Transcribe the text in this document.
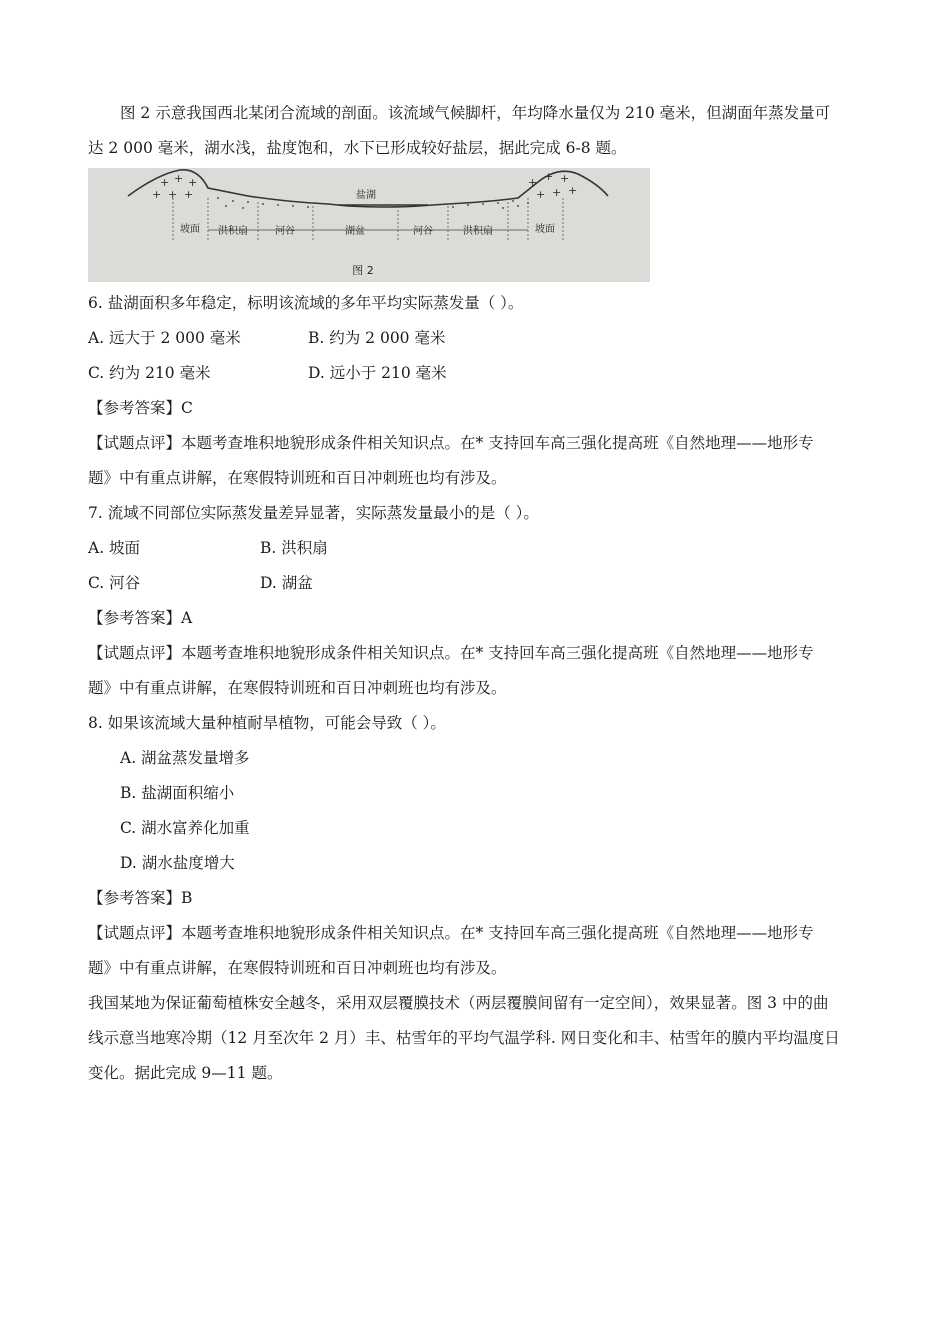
图 2 示意我国西北某闭合流域的剖面。该流域气候脚杆，年均降水量仅为 210 毫米，但湖面年蒸发量可
达 2 000 毫米，湖水浅，盐度饱和，水下已形成较好盐层，据此完成 6-8 题。
+ + +
+ + +
+ + +
+ + +
盐湖
坡面 洪积扇	河谷	湖盆	河谷	洪积扇	坡面
图 2
6. 盐湖面积多年稳定，标明该流域的多年平均实际蒸发量（ ）。
A. 远大于 2 000 毫米	B. 约为 2 000 毫米
C. 约为 210 毫米	D. 远小于 210 毫米
【参考答案】C
【试题点评】本题考查堆积地貌形成条件相关知识点。在* 支持回车高三强化提高班《自然地理——地形专
题》中有重点讲解，在寒假特训班和百日冲刺班也均有涉及。
7. 流域不同部位实际蒸发量差异显著，实际蒸发量最小的是（ ）。
A. 坡面	B. 洪积扇
C. 河谷	D. 湖盆
【参考答案】A
【试题点评】本题考查堆积地貌形成条件相关知识点。在* 支持回车高三强化提高班《自然地理——地形专
题》中有重点讲解，在寒假特训班和百日冲刺班也均有涉及。
8. 如果该流域大量种植耐旱植物，可能会导致（ ）。
A. 湖盆蒸发量增多
B. 盐湖面积缩小
C. 湖水富养化加重
D. 湖水盐度增大
【参考答案】B
【试题点评】本题考查堆积地貌形成条件相关知识点。在* 支持回车高三强化提高班《自然地理——地形专
题》中有重点讲解，在寒假特训班和百日冲刺班也均有涉及。
我国某地为保证葡萄植株安全越冬，采用双层覆膜技术（两层覆膜间留有一定空间），效果显著。图 3 中的曲
线示意当地寒冷期（12 月至次年 2 月）丰、枯雪年的平均气温学科. 网日变化和丰、枯雪年的膜内平均温度日
变化。据此完成 9—11 题。
